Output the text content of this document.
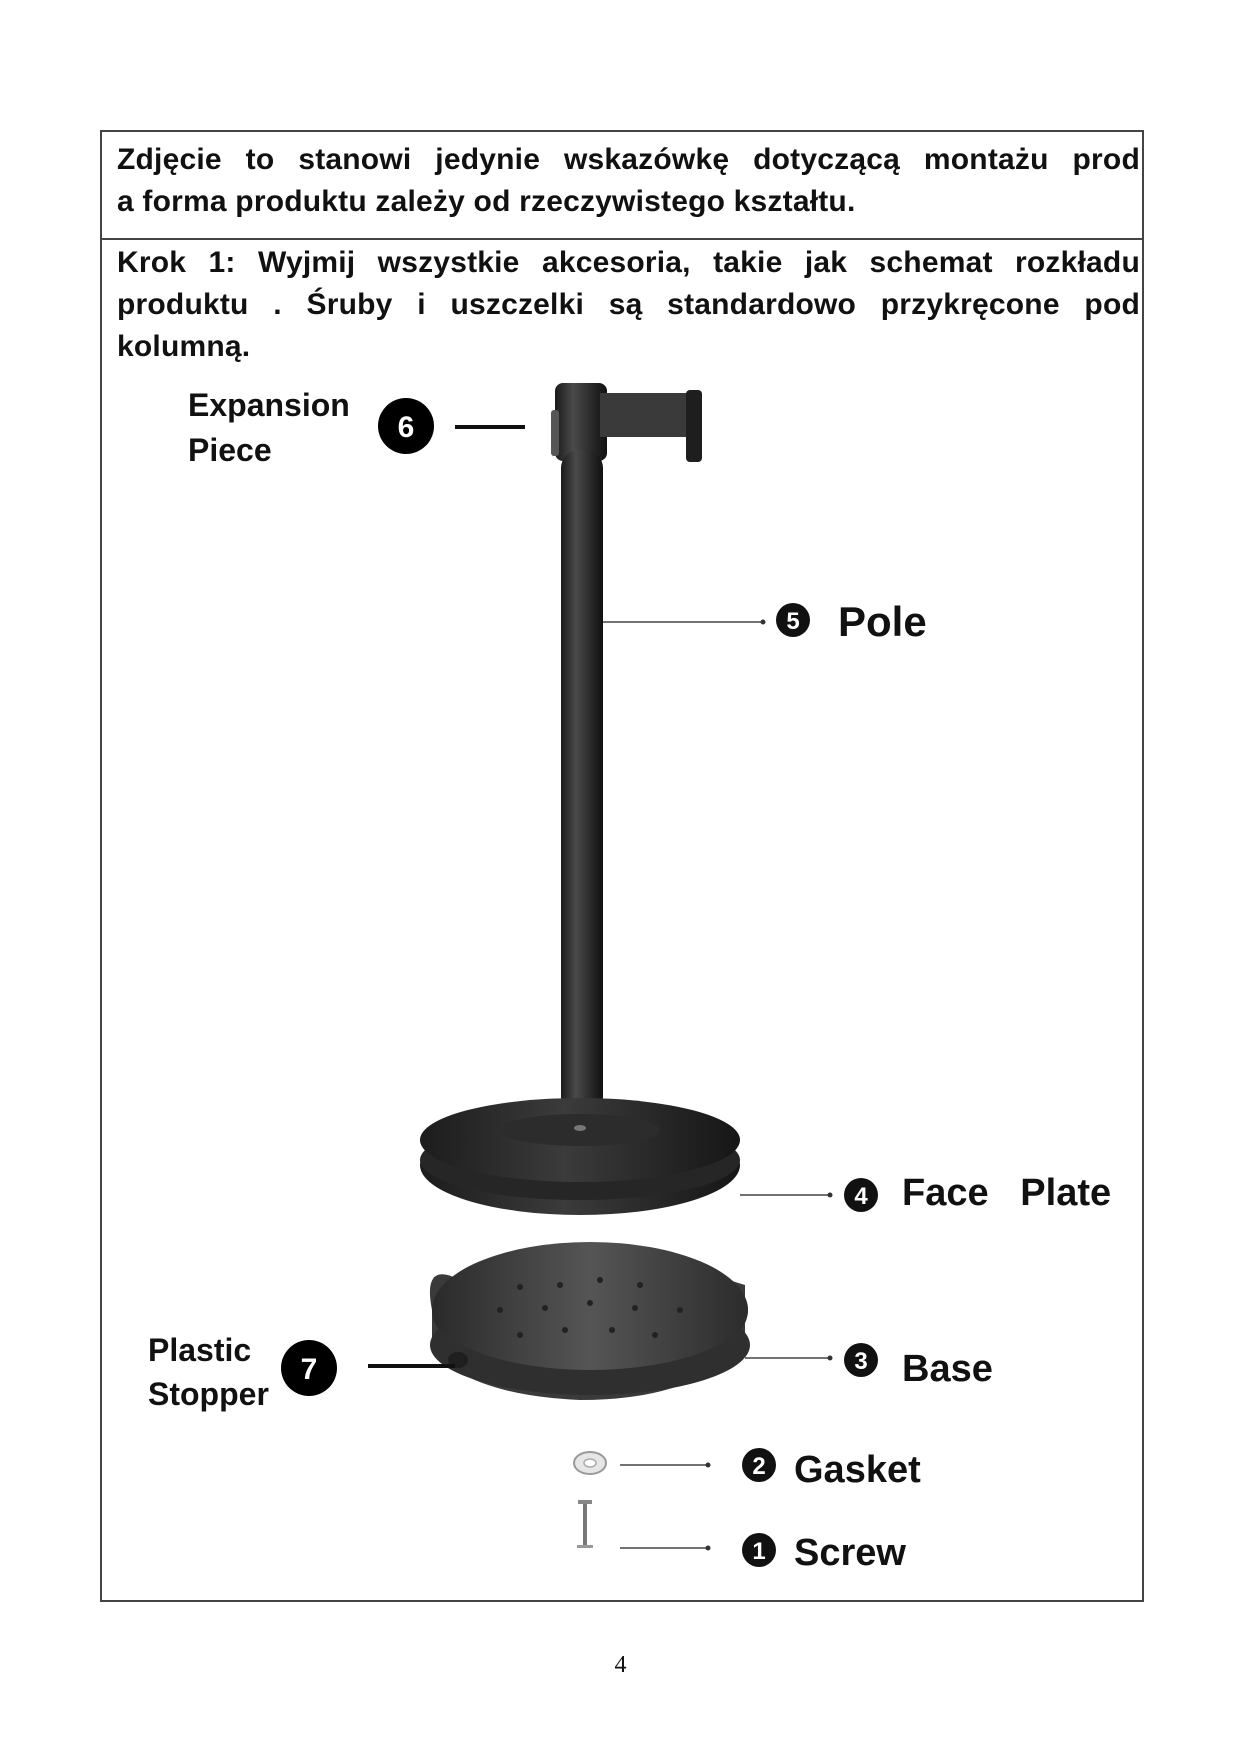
Zdjęcie to stanowi jedynie wskazówkę dotyczącą montażu prod
a forma produktu zależy od rzeczywistego kształtu.
Krok 1: Wyjmij wszystkie akcesoria, takie jak schemat rozkładu
produktu . Śruby i uszczelki są standardowo przykręcone pod
kolumną.
Expansion
Piece
6
5 Pole
4 Face   Plate
3 Base
Plastic
Stopper
7
2 Gasket
1 Screw
4
